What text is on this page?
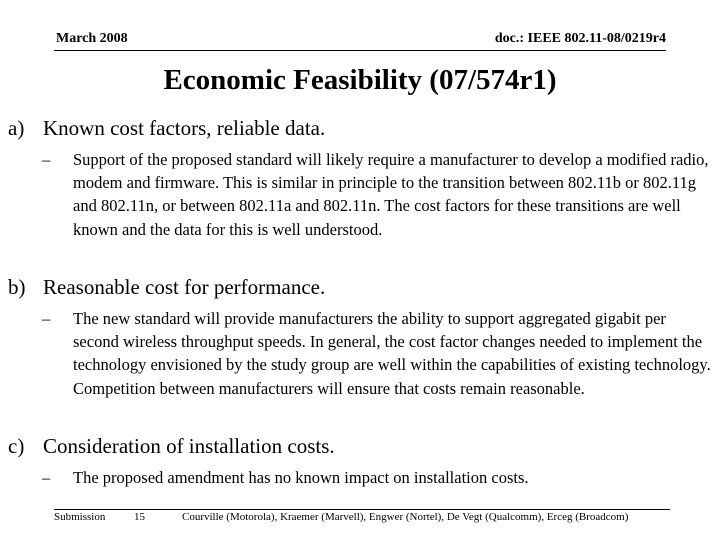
March 2008	doc.: IEEE 802.11-08/0219r4
Economic Feasibility (07/574r1)
a) Known cost factors, reliable data.
– Support of the proposed standard will likely require a manufacturer to develop a modified radio, modem and firmware. This is similar in principle to the transition between 802.11b or 802.11g and 802.11n, or between 802.11a and 802.11n. The cost factors for these transitions are well known and the data for this is well understood.
b) Reasonable cost for performance.
– The new standard will provide manufacturers the ability to support aggregated gigabit per second wireless throughput speeds. In general, the cost factor changes needed to implement the technology envisioned by the study group are well within the capabilities of existing technology. Competition between manufacturers will ensure that costs remain reasonable.
c) Consideration of installation costs.
– The proposed amendment has no known impact on installation costs.
Submission	15	Courville (Motorola), Kraemer (Marvell), Engwer (Nortel), De Vegt (Qualcomm), Erceg (Broadcom)
